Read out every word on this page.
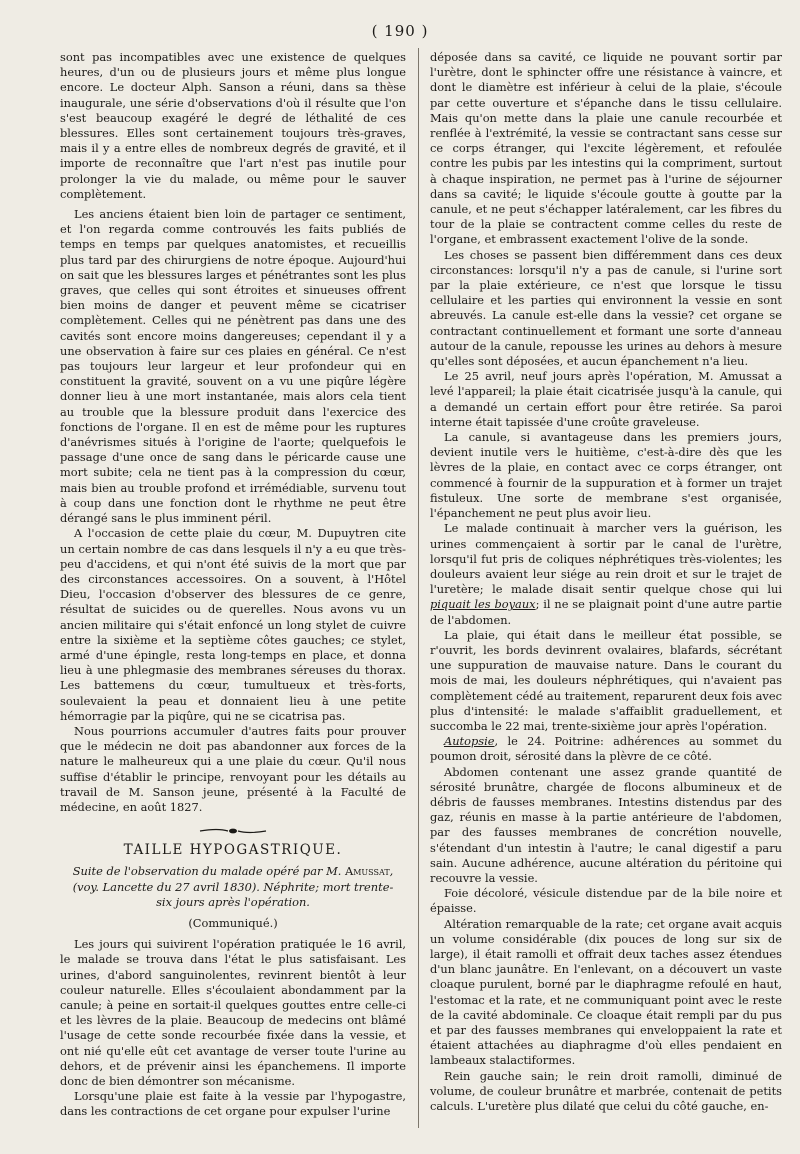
( 190 )

sont pas incompatibles avec une existence de quelques heures, d'un ou de plusieurs jours et même plus longue encore. Le docteur Alph. Sanson a réuni, dans sa thèse inaugurale, une série d'observations d'où il résulte que l'on s'est beaucoup exagéré le degré de léthalité de ces blessures. Elles sont certainement toujours très-graves, mais il y a entre elles de nombreux degrés de gravité, et il importe de reconnaître que l'art n'est pas inutile pour prolonger la vie du malade, ou même pour le sauver complètement.

Les anciens étaient bien loin de partager ce sentiment, et l'on regarda comme controuvés les faits publiés de temps en temps par quelques anatomistes, et recueillis plus tard par des chirurgiens de notre époque. Aujourd'hui on sait que les blessures larges et pénétrantes sont les plus graves, que celles qui sont étroites et sinueuses offrent bien moins de danger et peuvent même se cicatriser complètement. Celles qui ne pénètrent pas dans une des cavités sont encore moins dangereuses; cependant il y a une observation à faire sur ces plaies en général. Ce n'est pas toujours leur largeur et leur profondeur qui en constituent la gravité, souvent on a vu une piqûre légère donner lieu à une mort instantanée, mais alors cela tient au trouble que la blessure produit dans l'exercice des fonctions de l'organe. Il en est de même pour les ruptures d'anévrismes situés à l'origine de l'aorte; quelquefois le passage d'une once de sang dans le péricarde cause une mort subite; cela ne tient pas à la compression du cœur, mais bien au trouble profond et irrémédiable, survenu tout à coup dans une fonction dont le rhythme ne peut être dérangé sans le plus imminent péril.

A l'occasion de cette plaie du cœur, M. Dupuytren cite un certain nombre de cas dans lesquels il n'y a eu que très-peu d'accidens, et qui n'ont été suivis de la mort que par des circonstances accessoires. On a souvent, à l'Hôtel Dieu, l'occasion d'observer des blessures de ce genre, résultat de suicides ou de querelles. Nous avons vu un ancien militaire qui s'était enfoncé un long stylet de cuivre entre la sixième et la septième côtes gauches; ce stylet, armé d'une épingle, resta long-temps en place, et donna lieu à une phlegmasie des membranes séreuses du thorax. Les battemens du cœur, tumultueux et très-forts, soulevaient la peau et donnaient lieu à une petite hémorragie par la piqûre, qui ne se cicatrisa pas.

Nous pourrions accumuler d'autres faits pour prouver que le médecin ne doit pas abandonner aux forces de la nature le malheureux qui a une plaie du cœur. Qu'il nous suffise d'établir le principe, renvoyant pour les détails au travail de M. Sanson jeune, présenté à la Faculté de médecine, en août 1827.

TAILLE HYPOGASTRIQUE.
Suite de l'observation du malade opéré par M. Amussat, (voy. Lancette du 27 avril 1830). Néphrite; mort trente-six jours après l'opération.
(Communiqué.)

Les jours qui suivirent l'opération pratiquée le 16 avril, le malade se trouva dans l'état le plus satisfaisant. Les urines, d'abord sanguinolentes, revinrent bientôt à leur couleur naturelle. Elles s'écoulaient abondamment par la canule; à peine en sortait-il quelques gouttes entre celle-ci et les lèvres de la plaie. Beaucoup de medecins ont blâmé l'usage de cette sonde recourbée fixée dans la vessie, et ont nié qu'elle eût cet avantage de verser toute l'urine au dehors, et de prévenir ainsi les épanchemens. Il importe donc de bien démontrer son mécanisme.

Lorsqu'une plaie est faite à la vessie par l'hypogastre, dans les contractions de cet organe pour expulser l'urine

déposée dans sa cavité, ce liquide ne pouvant sortir par l'urètre, dont le sphincter offre une résistance à vaincre, et dont le diamètre est inférieur à celui de la plaie, s'écoule par cette ouverture et s'épanche dans le tissu cellulaire. Mais qu'on mette dans la plaie une canule recourbée et renflée à l'extrémité, la vessie se contractant sans cesse sur ce corps étranger, qui l'excite légèrement, et refoulée contre les pubis par les intestins qui la compriment, surtout à chaque inspiration, ne permet pas à l'urine de séjourner dans sa cavité; le liquide s'écoule goutte à goutte par la canule, et ne peut s'échapper latéralement, car les fibres du tour de la plaie se contractent comme celles du reste de l'organe, et embrassent exactement l'olive de la sonde.

Les choses se passent bien différemment dans ces deux circonstances: lorsqu'il n'y a pas de canule, si l'urine sort par la plaie extérieure, ce n'est que lorsque le tissu cellulaire et les parties qui environnent la vessie en sont abreuvés. La canule est-elle dans la vessie? cet organe se contractant continuellement et formant une sorte d'anneau autour de la canule, repousse les urines au dehors à mesure qu'elles sont déposées, et aucun épanchement n'a lieu.

Le 25 avril, neuf jours après l'opération, M. Amussat a levé l'appareil; la plaie était cicatrisée jusqu'à la canule, qui a demandé un certain effort pour être retirée. Sa paroi interne était tapissée d'une croûte graveleuse.

La canule, si avantageuse dans les premiers jours, devient inutile vers le huitième, c'est-à-dire dès que les lèvres de la plaie, en contact avec ce corps étranger, ont commencé à fournir de la suppuration et à former un trajet fistuleux. Une sorte de membrane s'est organisée, l'épanchement ne peut plus avoir lieu.

Le malade continuait à marcher vers la guérison, les urines commençaient à sortir par le canal de l'urètre, lorsqu'il fut pris de coliques néphrétiques très-violentes; les douleurs avaient leur siége au rein droit et sur le trajet de l'uretère; le malade disait sentir quelque chose qui lui piquait les boyaux; il ne se plaignait point d'une autre partie de l'abdomen.

La plaie, qui était dans le meilleur état possible, se r'ouvrit, les bords devinrent ovalaires, blafards, sécrétant une suppuration de mauvaise nature. Dans le courant du mois de mai, les douleurs néphrétiques, qui n'avaient pas complètement cédé au traitement, reparurent deux fois avec plus d'intensité: le malade s'affaiblit graduellement, et succomba le 22 mai, trente-sixième jour après l'opération.

Autopsie, le 24. Poitrine: adhérences au sommet du poumon droit, sérosité dans la plèvre de ce côté.

Abdomen contenant une assez grande quantité de sérosité brunâtre, chargée de flocons albumineux et de débris de fausses membranes. Intestins distendus par des gaz, réunis en masse à la partie antérieure de l'abdomen, par des fausses membranes de concrétion nouvelle, s'étendant d'un intestin à l'autre; le canal digestif a paru sain. Aucune adhérence, aucune altération du péritoine qui recouvre la vessie.

Foie décoloré, vésicule distendue par de la bile noire et épaisse.

Altération remarquable de la rate; cet organe avait acquis un volume considérable (dix pouces de long sur six de large), il était ramolli et offrait deux taches assez étendues d'un blanc jaunâtre. En l'enlevant, on a découvert un vaste cloaque purulent, borné par le diaphragme refoulé en haut, l'estomac et la rate, et ne communiquant point avec le reste de la cavité abdominale. Ce cloaque était rempli par du pus et par des fausses membranes qui enveloppaient la rate et étaient attachées au diaphragme d'où elles pendaient en lambeaux stalactiformes.

Rein gauche sain; le rein droit ramolli, diminué de volume, de couleur brunâtre et marbrée, contenait de petits calculs. L'uretère plus dilaté que celui du côté gauche, en-
